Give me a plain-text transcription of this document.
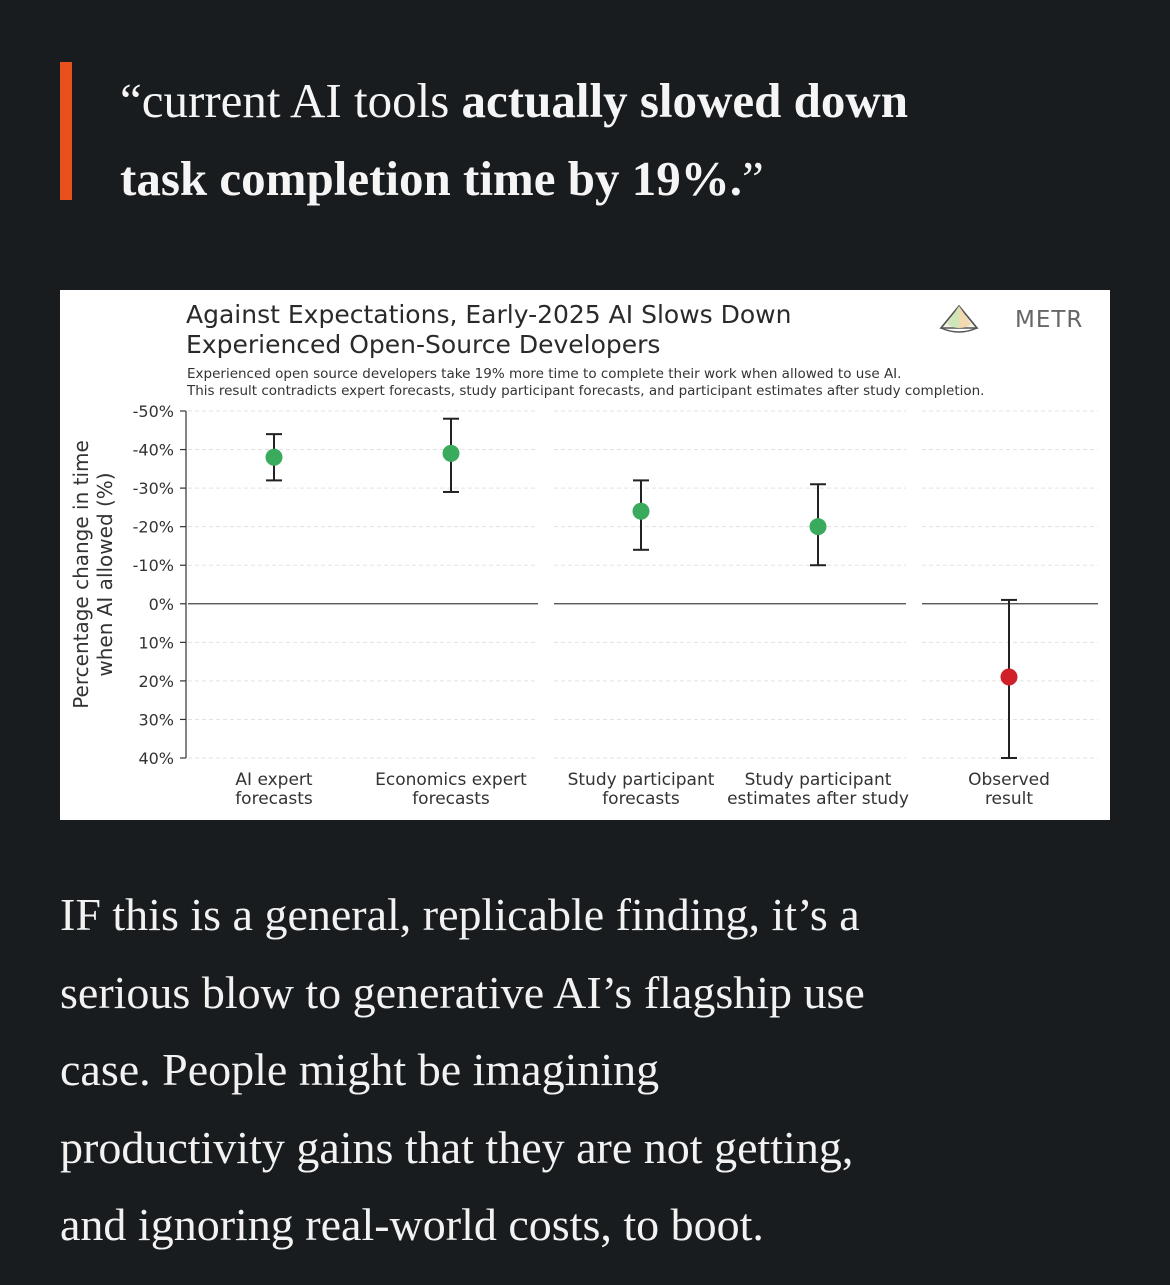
“current AI tools actually slowed down
task completion time by 19%.”

-50%
-40%
-30%
-20%
-10%
0%
10%
20%
30%
40%
Percentage change in time when AI allowed (%)
AI expert
forecasts
Economics expert
forecasts
Study participant
forecasts
Study participant
estimates after study
Observed
result
Against Expectations, Early-2025 AI Slows Down
Experienced Open-Source Developers
Experienced open source developers take 19% more time to complete their work when allowed to use AI.
This result contradicts expert forecasts, study participant forecasts, and participant estimates after study completion.
METR
IF this is a general, replicable finding, it’s a
serious blow to generative AI’s flagship use
case. People might be imagining
productivity gains that they are not getting,
and ignoring real-world costs, to boot.
